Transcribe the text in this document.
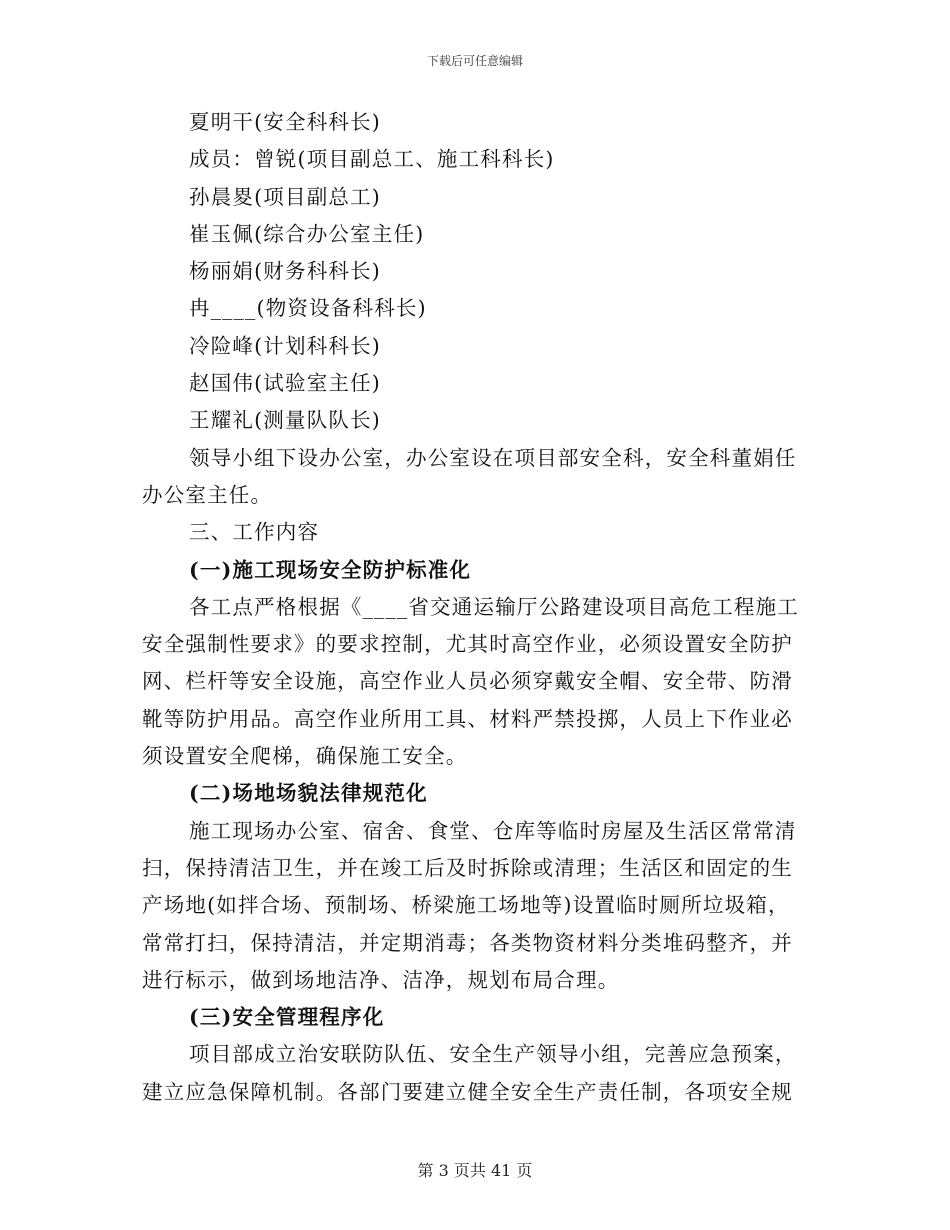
下载后可任意编辑

夏明干(安全科科长)

成员：曾锐(项目副总工、施工科科长)

孙晨畟(项目副总工)

崔玉佩(综合办公室主任)

杨丽娟(财务科科长)

冉____(物资设备科科长)

冷险峰(计划科科长)

赵国伟(试验室主任)

王耀礼(测量队队长)

领导小组下设办公室，办公室设在项目部安全科，安全科董娟任办公室主任。

三、工作内容

(一)施工现场安全防护标准化

各工点严格根据《____省交通运输厅公路建设项目高危工程施工安全强制性要求》的要求控制，尤其时高空作业，必须设置安全防护网、栏杆等安全设施，高空作业人员必须穿戴安全帽、安全带、防滑靴等防护用品。高空作业所用工具、材料严禁投掷，人员上下作业必须设置安全爬梯，确保施工安全。

(二)场地场貌法律规范化

施工现场办公室、宿舍、食堂、仓库等临时房屋及生活区常常清扫，保持清洁卫生，并在竣工后及时拆除或清理；生活区和固定的生产场地(如拌合场、预制场、桥梁施工场地等)设置临时厕所垃圾箱，常常打扫，保持清洁，并定期消毒；各类物资材料分类堆码整齐，并进行标示，做到场地洁净、洁净，规划布局合理。

(三)安全管理程序化

项目部成立治安联防队伍、安全生产领导小组，完善应急预案，建立应急保障机制。各部门要建立健全安全生产责任制，各项安全规

第 3 页共 41 页
